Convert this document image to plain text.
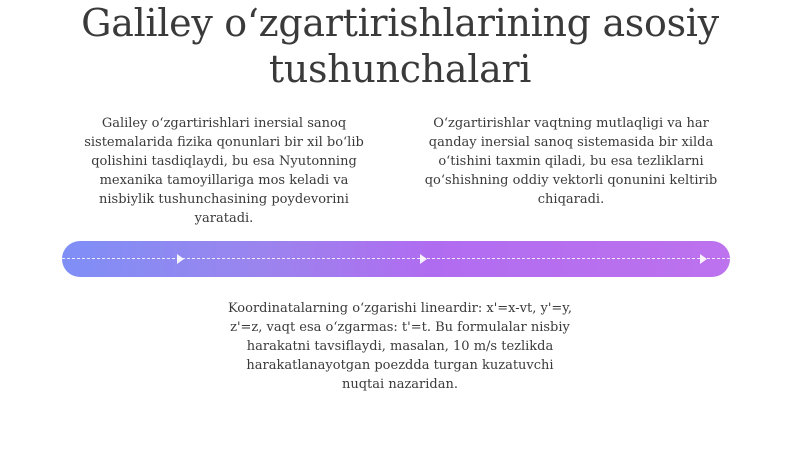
Galiley o‘zgartirishlarining asosiy tushunchalari

Galiley o‘zgartirishlari inersial sanoq sistemalarida fizika qonunlari bir xil bo‘lib qolishini tasdiqlaydi, bu esa Nyutonning mexanika tamoyillariga mos keladi va nisbiylik tushunchasining poydevorini yaratadi.

O‘zgartirishlar vaqtning mutlaqligi va har qanday inersial sanoq sistemasida bir xilda o‘tishini taxmin qiladi, bu esa tezliklarni qo‘shishning oddiy vektorli qonunini keltirib chiqaradi.

Koordinatalarning o‘zgarishi lineardir: x'=x-vt, y'=y, z'=z, vaqt esa o‘zgarmas: t'=t. Bu formulalar nisbiy harakatni tavsiflaydi, masalan, 10 m/s tezlikda harakatlanayotgan poezdda turgan kuzatuvchi nuqtai nazaridan.
